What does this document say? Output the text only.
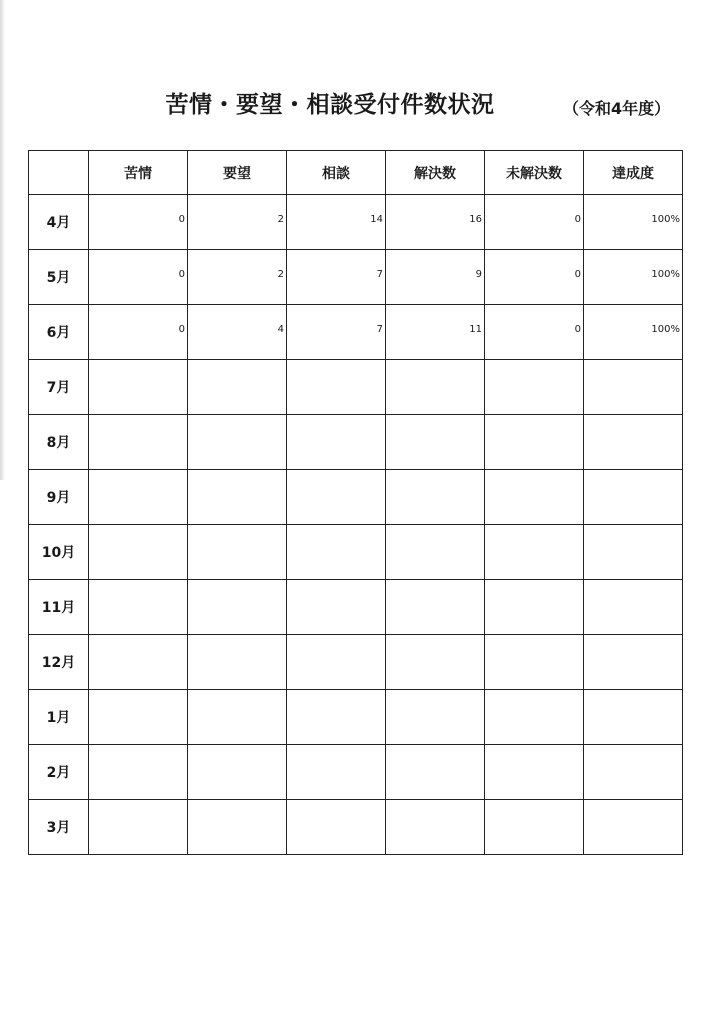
苦情・要望・相談受付件数状況	（令和4年度）
	苦情	要望	相談	解決数	未解決数	達成度
4月	0	2	14	16	0	100%
5月	0	2	7	9	0	100%
6月	0	4	7	11	0	100%
7月						
8月						
9月						
10月						
11月						
12月						
1月						
2月						
3月						
